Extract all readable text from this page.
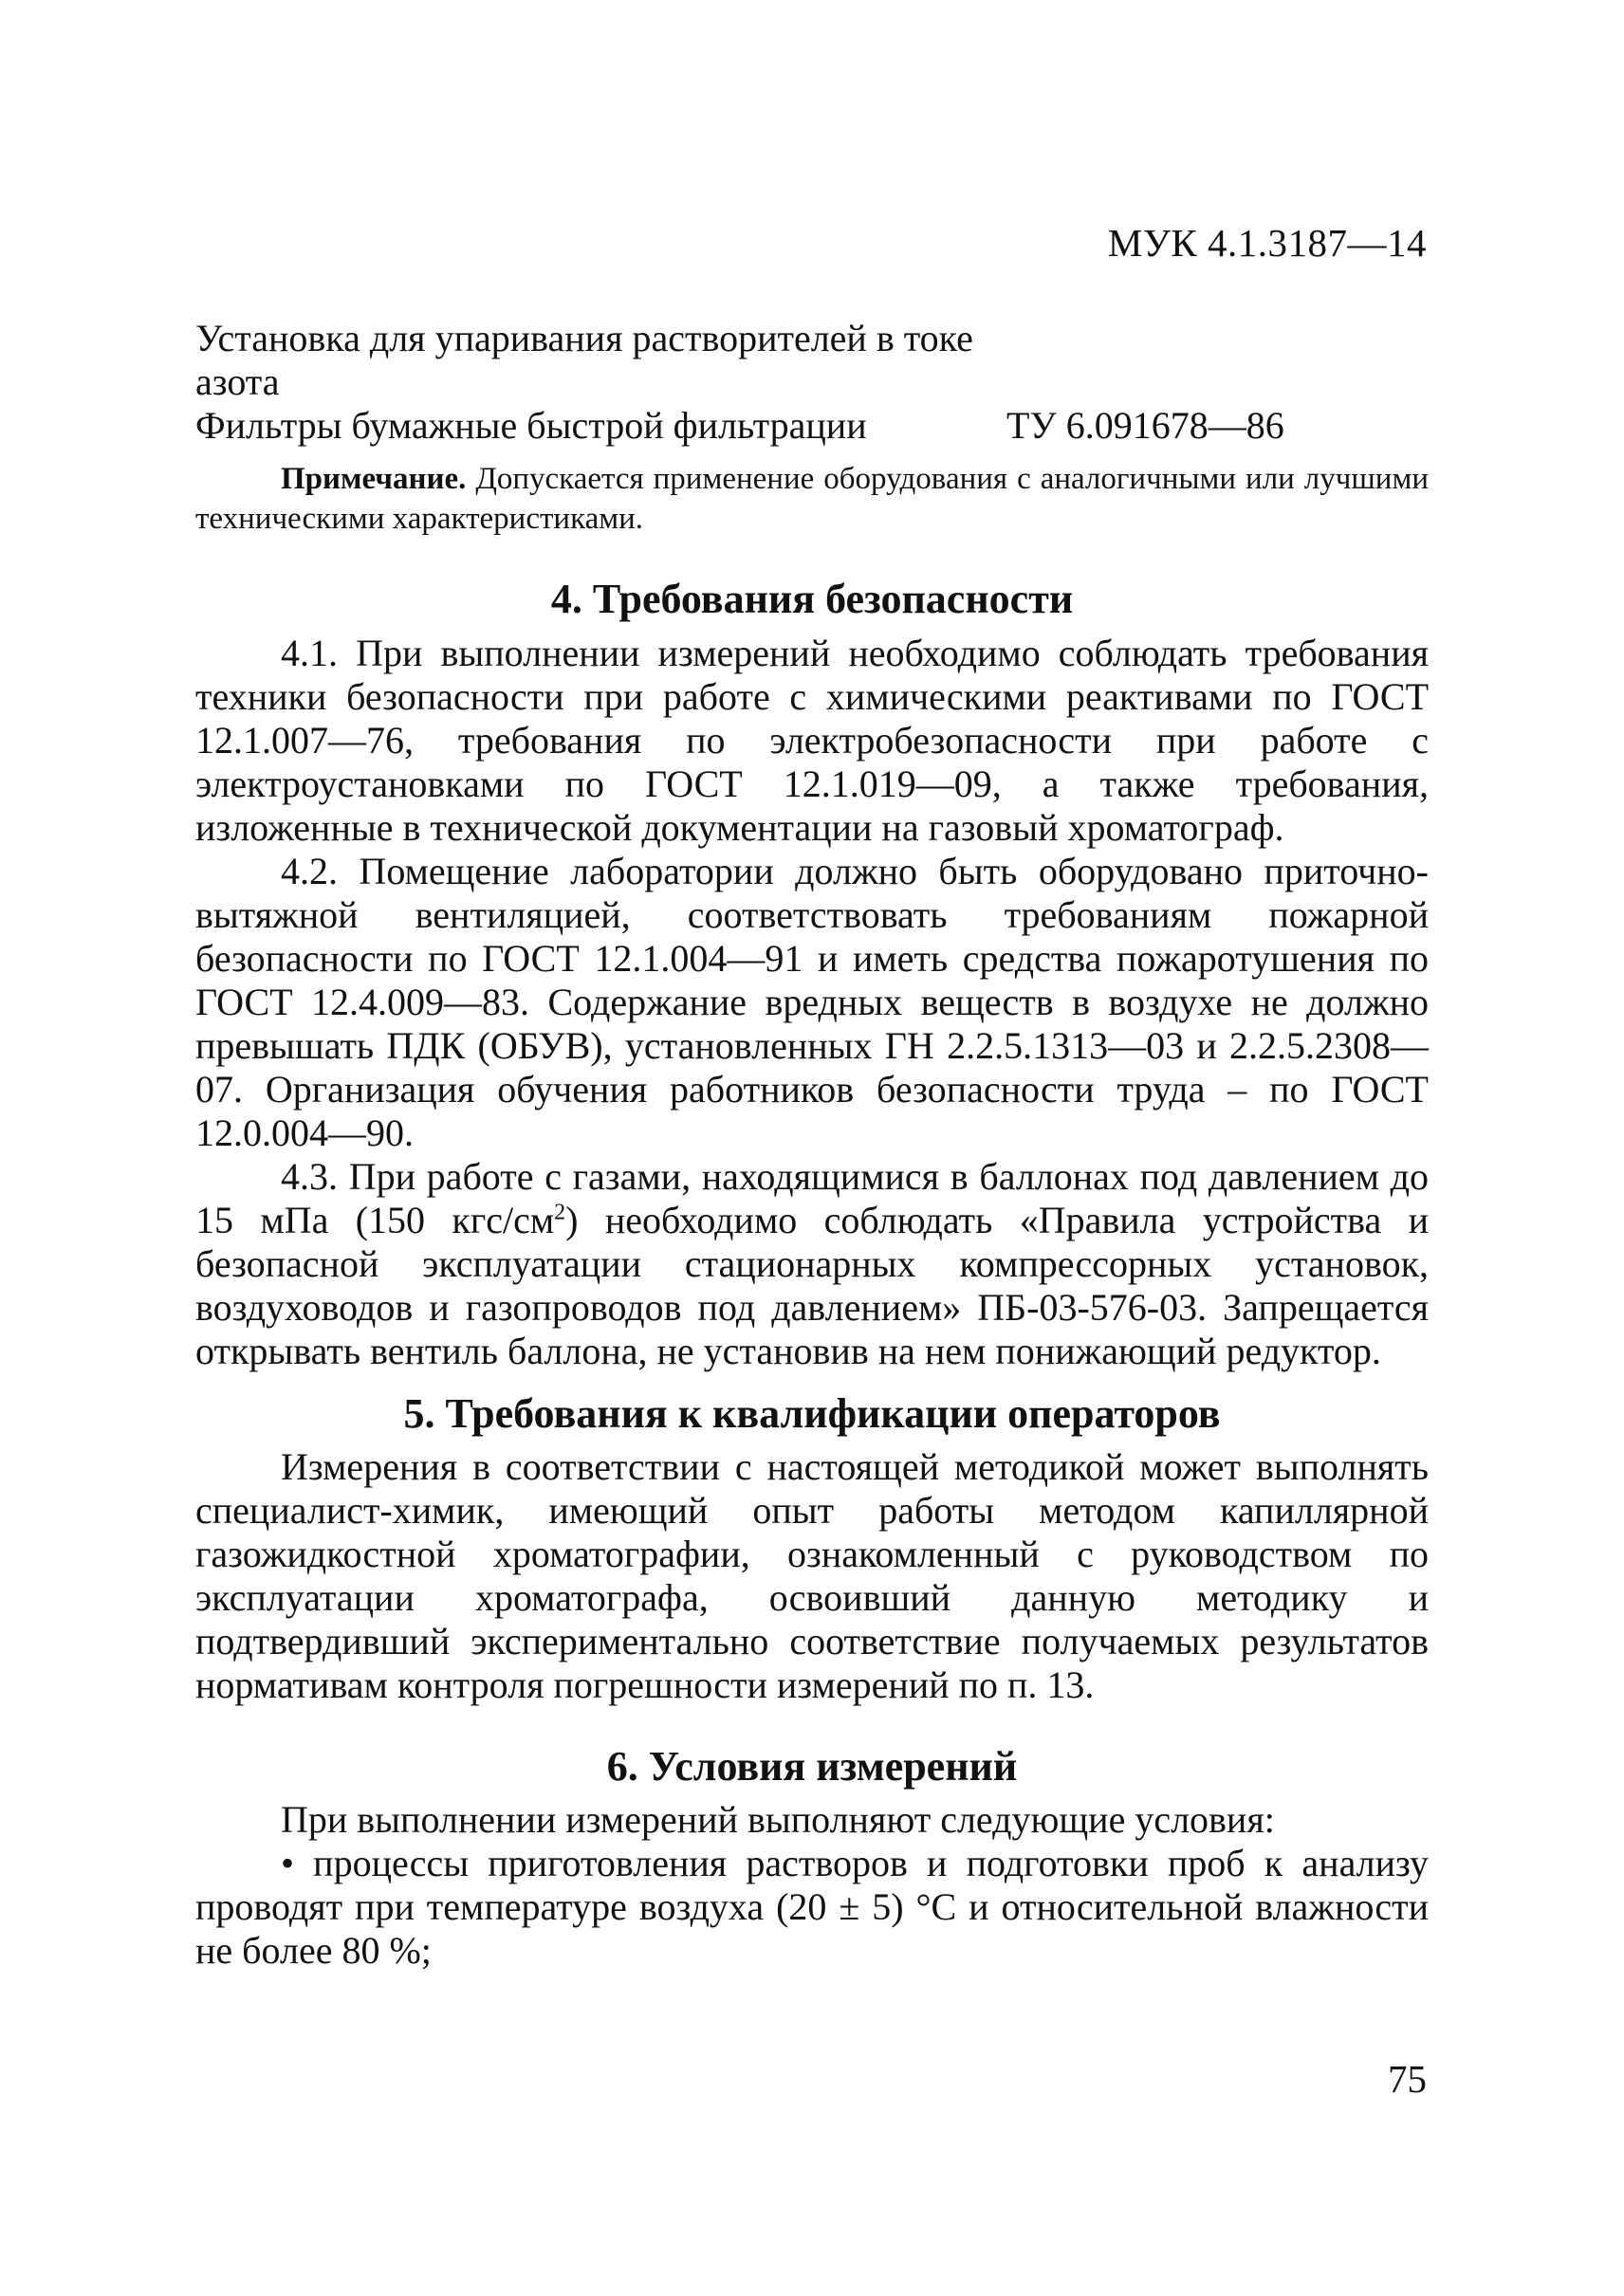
МУК 4.1.3187—14
Установка для упаривания растворителей в токе азота
Фильтры бумажные быстрой фильтрации	ТУ 6.091678—86
Примечание. Допускается применение оборудования с аналогичными или лучшими техническими характеристиками.
4. Требования безопасности

4.1. При выполнении измерений необходимо соблюдать требования техники безопасности при работе с химическими реактивами по ГОСТ 12.1.007—76, требования по электробезопасности при работе с электроустановками по ГОСТ 12.1.019—09, а также требования, изложенные в технической документации на газовый хроматограф.

4.2. Помещение лаборатории должно быть оборудовано приточно-вытяжной вентиляцией, соответствовать требованиям пожарной безопасности по ГОСТ 12.1.004—91 и иметь средства пожаротушения по ГОСТ 12.4.009—83. Содержание вредных веществ в воздухе не должно превышать ПДК (ОБУВ), установленных ГН 2.2.5.1313—03 и 2.2.5.2308—07. Организация обучения работников безопасности труда – по ГОСТ 12.0.004—90.

4.3. При работе с газами, находящимися в баллонах под давлением до 15 мПа (150 кгс/$см^2$) необходимо соблюдать «Правила устройства и безопасной эксплуатации стационарных компрессорных установок, воздуховодов и газопроводов под давлением» ПБ-03-576-03. Запрещается открывать вентиль баллона, не установив на нем понижающий редуктор.

5. Требования к квалификации операторов

Измерения в соответствии с настоящей методикой может выполнять специалист-химик, имеющий опыт работы методом капиллярной газожидкостной хроматографии, ознакомленный с руководством по эксплуатации хроматографа, освоивший данную методику и подтвердивший экспериментально соответствие получаемых результатов нормативам контроля погрешности измерений по п. 13.

6. Условия измерений

При выполнении измерений выполняют следующие условия:

• процессы приготовления растворов и подготовки проб к анализу проводят при температуре воздуха (20 ± 5) °С и относительной влажности не более 80 %;

75
